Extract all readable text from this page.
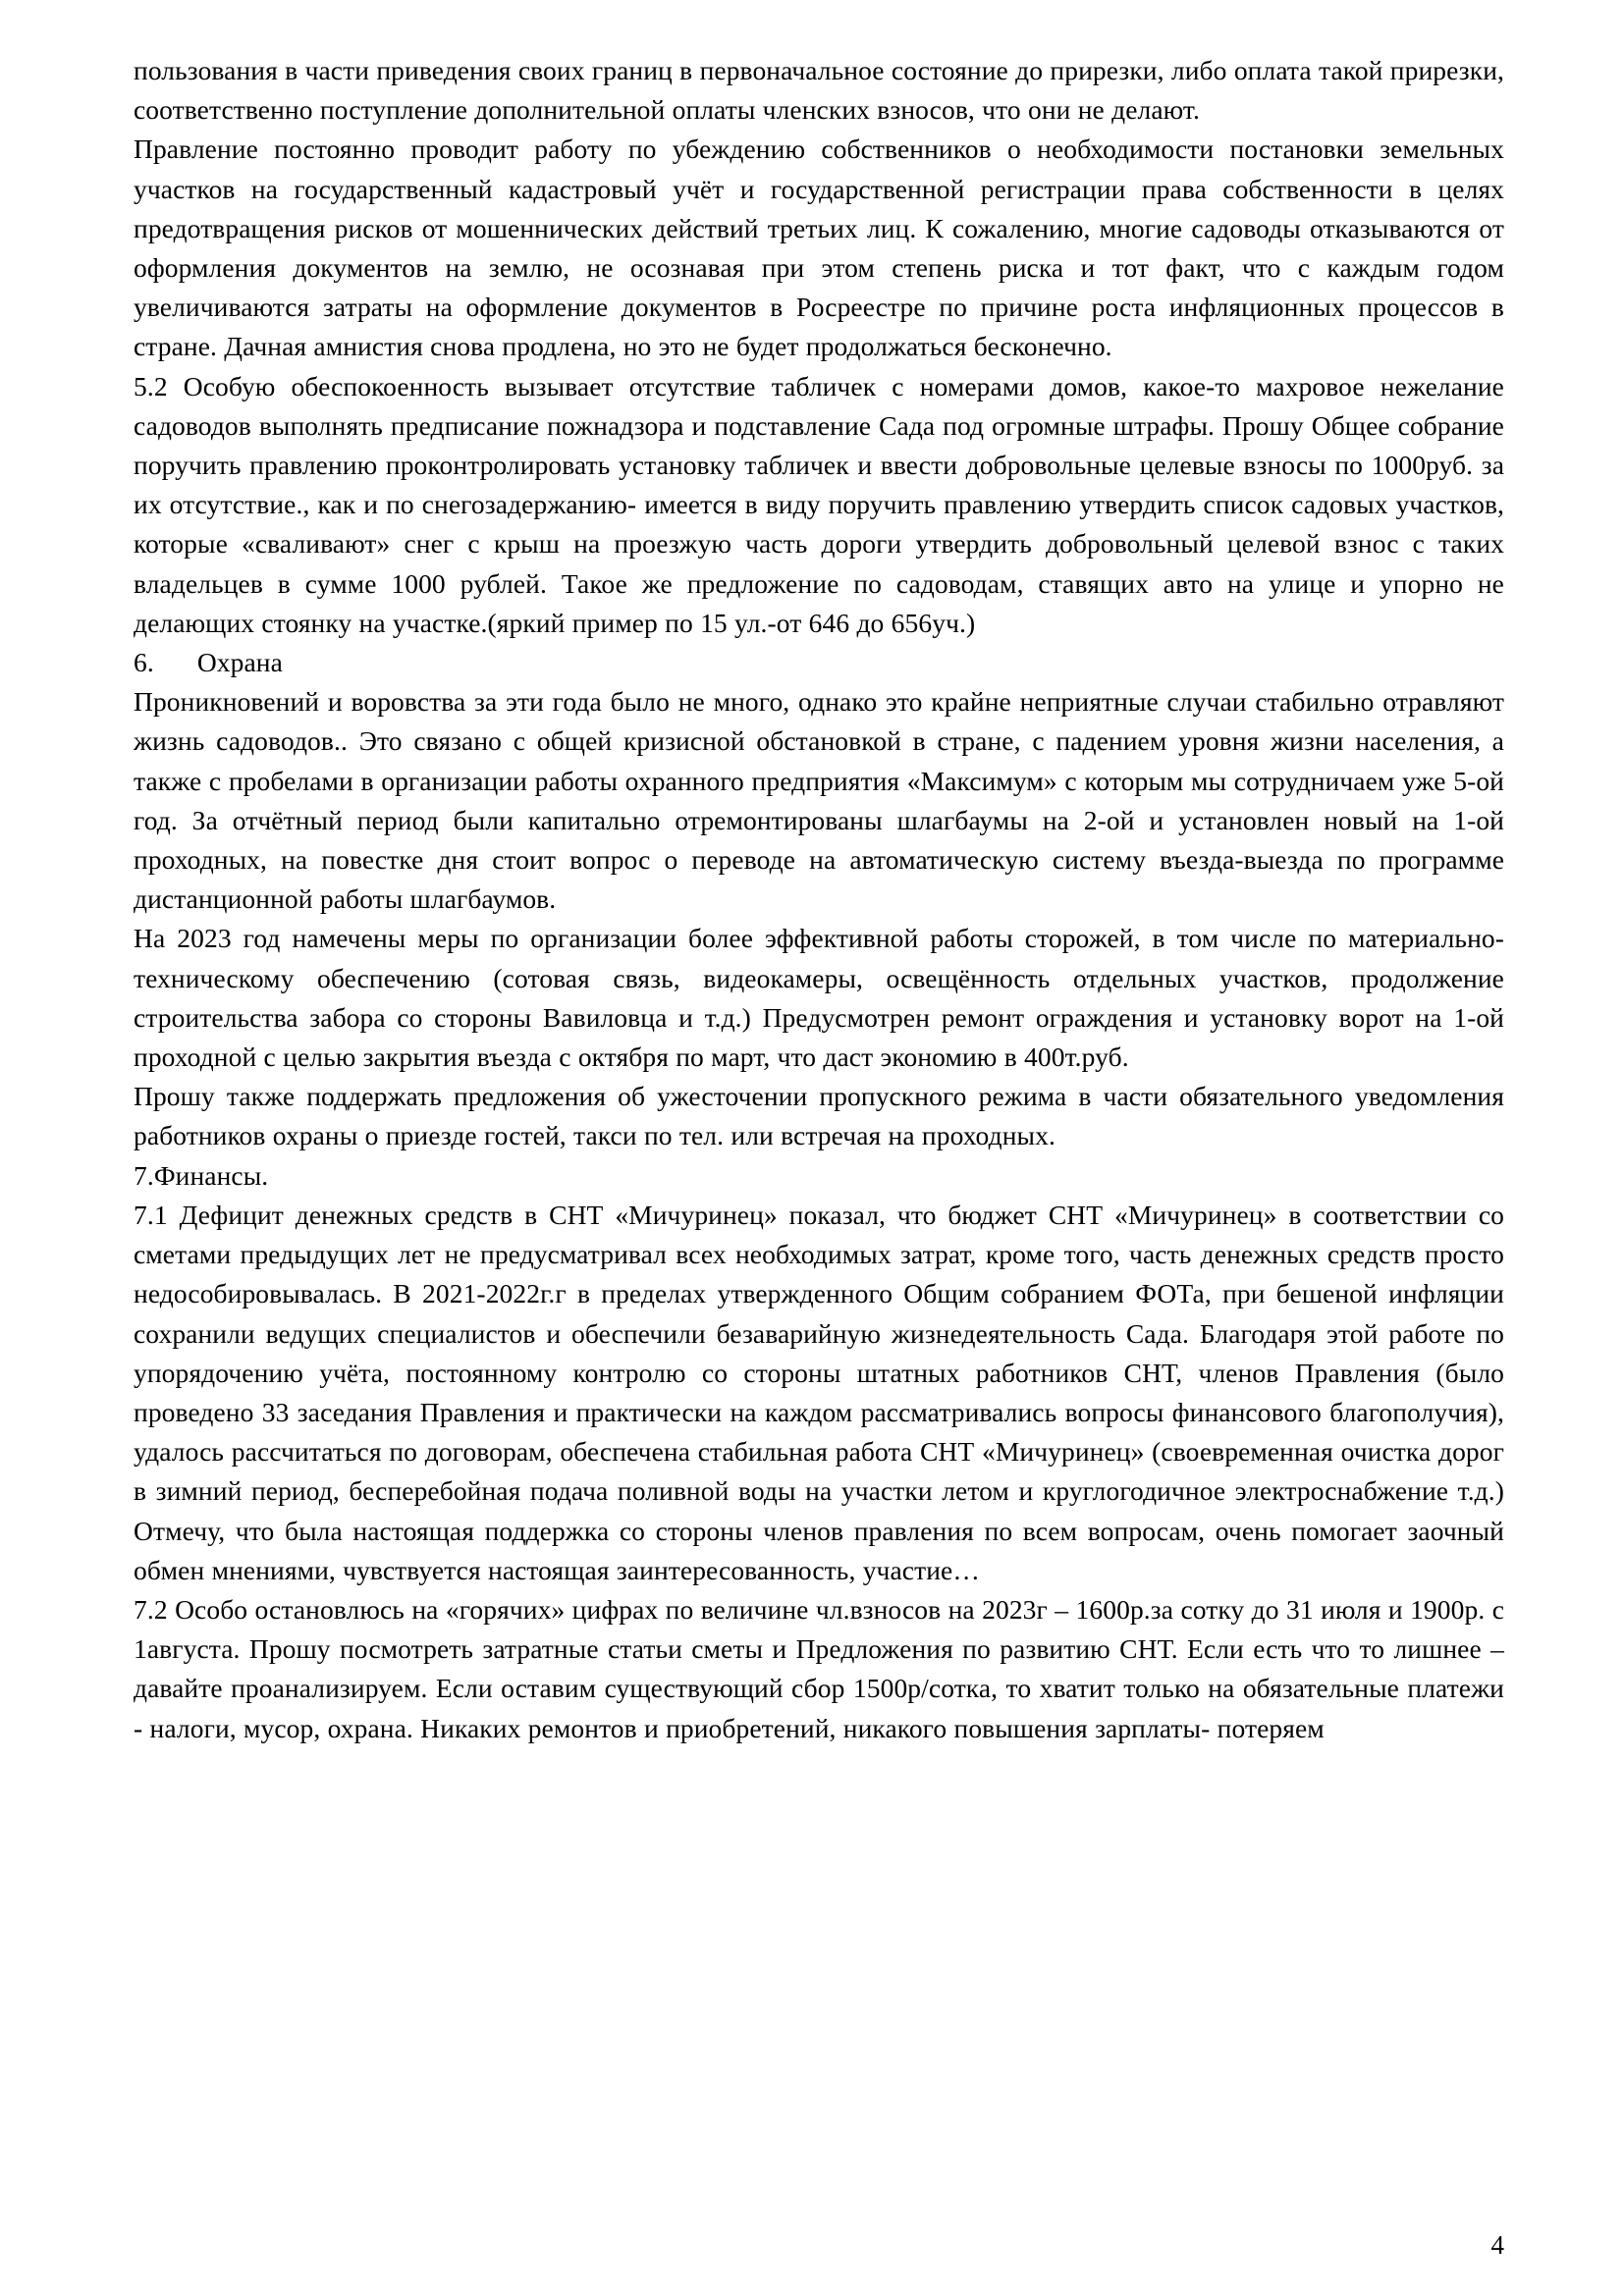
пользования в части приведения своих границ в первоначальное состояние до прирезки, либо оплата такой прирезки, соответственно поступление дополнительной оплаты членских взносов, что они не делают.

Правление постоянно проводит работу по убеждению собственников о необходимости постановки земельных участков на государственный кадастровый учёт и государственной регистрации права собственности в целях предотвращения рисков от мошеннических действий третьих лиц. К сожалению, многие садоводы отказываются от оформления документов на землю, не осознавая при этом степень риска и тот факт, что с каждым годом увеличиваются затраты на оформление документов в Росреестре по причине роста инфляционных процессов в стране. Дачная амнистия снова продлена, но это не будет продолжаться бесконечно.

5.2 Особую обеспокоенность вызывает отсутствие табличек с номерами домов, какое-то махровое нежелание садоводов выполнять предписание пожнадзора и подставление Сада под огромные штрафы. Прошу Общее собрание поручить правлению проконтролировать установку табличек и ввести добровольные целевые взносы по 1000руб. за их отсутствие., как и по снегозадержанию- имеется в виду поручить правлению утвердить список садовых участков, которые «сваливают» снег с крыш на проезжую часть дороги утвердить добровольный целевой взнос с таких владельцев в сумме 1000 рублей. Такое же предложение по садоводам, ставящих авто на улице и упорно не делающих стоянку на участке.(яркий пример по 15 ул.-от 646 до 656уч.)

6. Охрана

Проникновений и воровства за эти года было не много, однако это крайне неприятные случаи стабильно отравляют жизнь садоводов.. Это связано с общей кризисной обстановкой в стране, с падением уровня жизни населения, а также с пробелами в организации работы охранного предприятия «Максимум» с которым мы сотрудничаем уже 5-ой год. За отчётный период были капитально отремонтированы шлагбаумы на 2-ой и установлен новый на 1-ой проходных, на повестке дня стоит вопрос о переводе на автоматическую систему въезда-выезда по программе дистанционной работы шлагбаумов.

На 2023 год намечены меры по организации более эффективной работы сторожей, в том числе по материально-техническому обеспечению (сотовая связь, видеокамеры, освещённость отдельных участков, продолжение строительства забора со стороны Вавиловца и т.д.) Предусмотрен ремонт ограждения и установку ворот на 1-ой проходной с целью закрытия въезда с октября по март, что даст экономию в 400т.руб.

Прошу также поддержать предложения об ужесточении пропускного режима в части обязательного уведомления работников охраны о приезде гостей, такси по тел. или встречая на проходных.

7.Финансы.

7.1 Дефицит денежных средств в СНТ «Мичуринец» показал, что бюджет СНТ «Мичуринец» в соответствии со сметами предыдущих лет не предусматривал всех необходимых затрат, кроме того, часть денежных средств просто недособировывалась. В 2021-2022г.г в пределах утвержденного Общим собранием ФОТа, при бешеной инфляции сохранили ведущих специалистов и обеспечили безаварийную жизнедеятельность Сада. Благодаря этой работе по упорядочению учёта, постоянному контролю со стороны штатных работников СНТ, членов Правления (было проведено 33 заседания Правления и практически на каждом рассматривались вопросы финансового благополучия), удалось рассчитаться по договорам, обеспечена стабильная работа СНТ «Мичуринец» (своевременная очистка дорог в зимний период, бесперебойная подача поливной воды на участки летом и круглогодичное электроснабжение т.д.) Отмечу, что была настоящая поддержка со стороны членов правления по всем вопросам, очень помогает заочный обмен мнениями, чувствуется настоящая заинтересованность, участие…

7.2 Особо остановлюсь на «горячих» цифрах по величине чл.взносов на 2023г – 1600р.за сотку до 31 июля и 1900р. с 1августа. Прошу посмотреть затратные статьи сметы и Предложения по развитию СНТ. Если есть что то лишнее – давайте проанализируем. Если оставим существующий сбор 1500р/сотка, то хватит только на обязательные платежи - налоги, мусор, охрана. Никаких ремонтов и приобретений, никакого повышения зарплаты- потеряем

4
